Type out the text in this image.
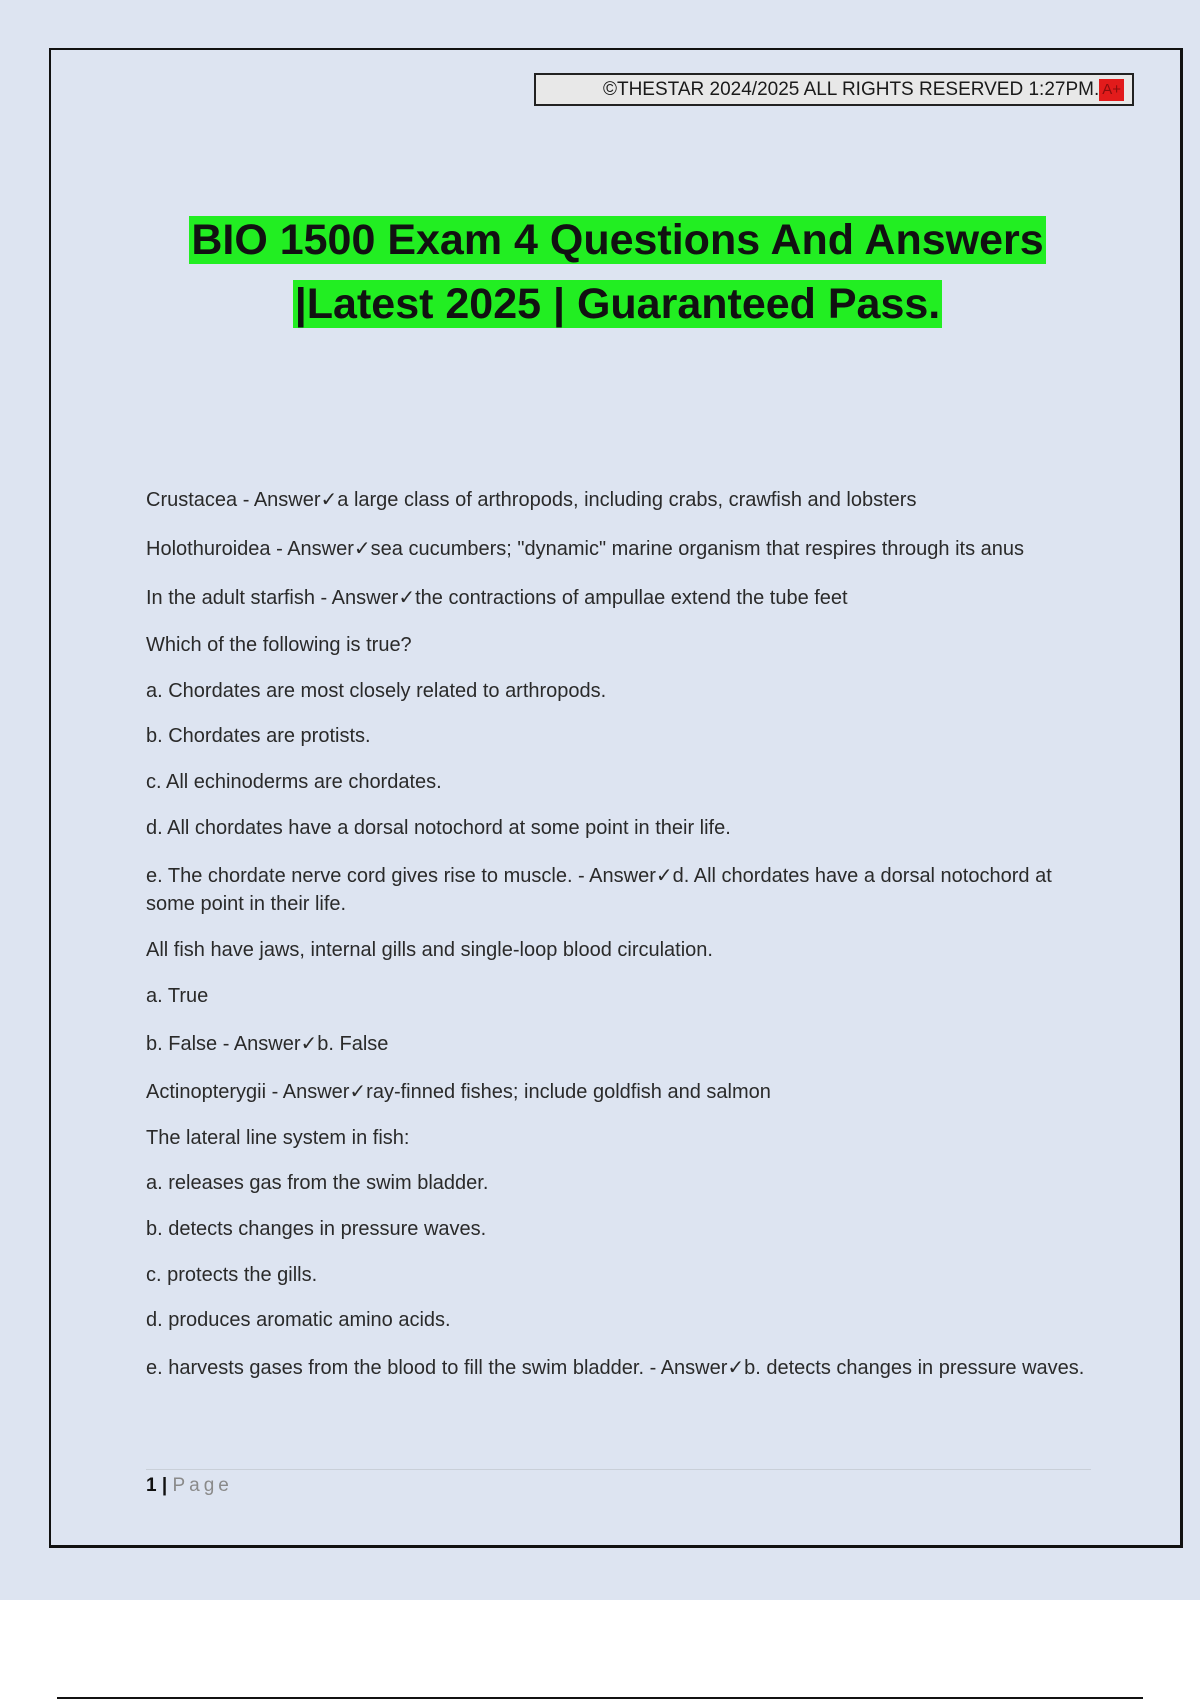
©THESTAR 2024/2025 ALL RIGHTS RESERVED 1:27PM. A+
BIO 1500 Exam 4 Questions And Answers
|Latest 2025 | Guaranteed Pass.

Crustacea - Answer✓a large class of arthropods, including crabs, crawfish and lobsters

Holothuroidea - Answer✓sea cucumbers; "dynamic" marine organism that respires through its anus

In the adult starfish - Answer✓the contractions of ampullae extend the tube feet

Which of the following is true?

a. Chordates are most closely related to arthropods.

b. Chordates are protists.

c. All echinoderms are chordates.

d. All chordates have a dorsal notochord at some point in their life.

e. The chordate nerve cord gives rise to muscle. - Answer✓d. All chordates have a dorsal notochord at some point in their life.

All fish have jaws, internal gills and single-loop blood circulation.

a. True

b. False - Answer✓b. False

Actinopterygii - Answer✓ray-finned fishes; include goldfish and salmon

The lateral line system in fish:

a. releases gas from the swim bladder.

b. detects changes in pressure waves.

c. protects the gills.

d. produces aromatic amino acids.

e. harvests gases from the blood to fill the swim bladder. - Answer✓b. detects changes in pressure waves.

1 | Page
